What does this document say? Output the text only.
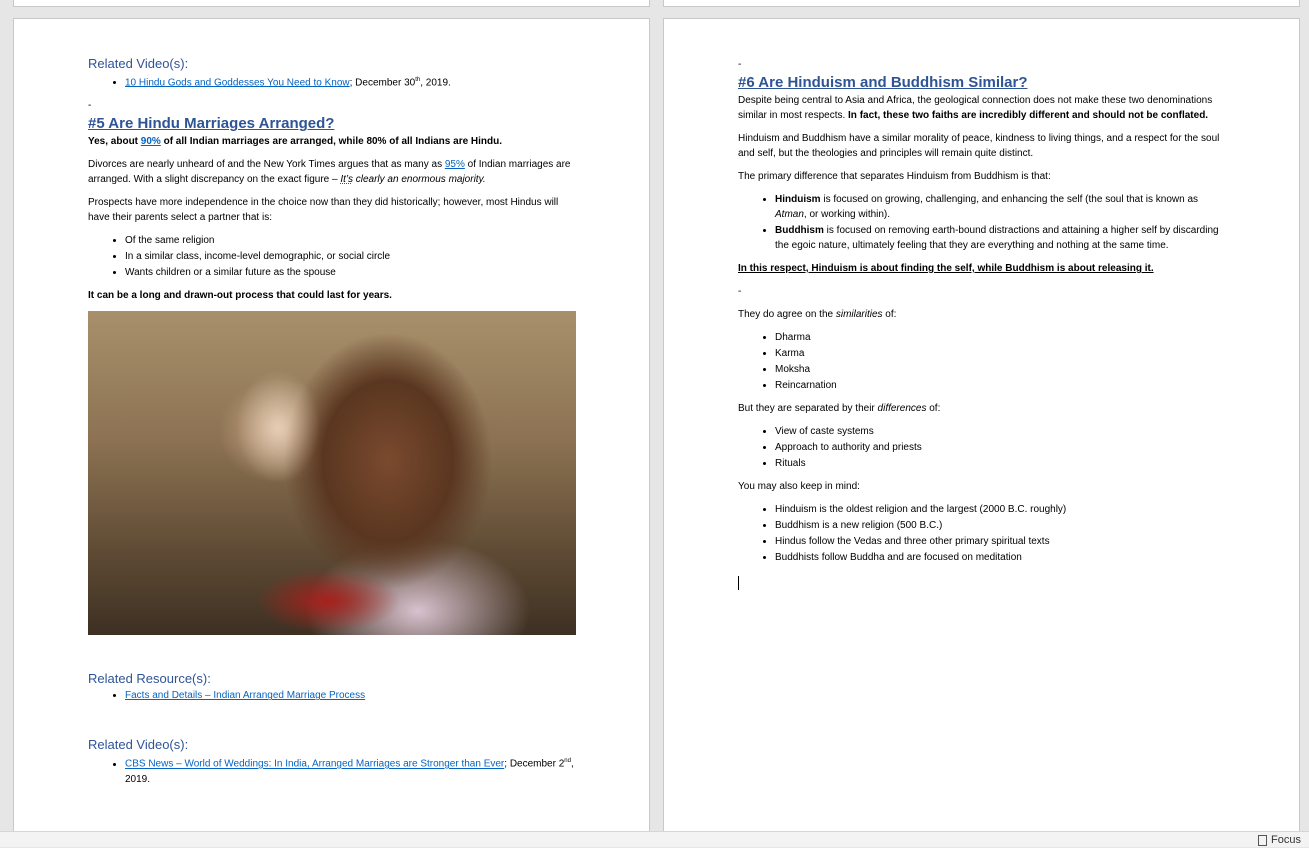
Related Video(s):
• 10 Hindu Gods and Goddesses You Need to Know; December 30th, 2019.

-

#5 Are Hindu Marriages Arranged?

Yes, about 90% of all Indian marriages are arranged, while 80% of all Indians are Hindu.

Divorces are nearly unheard of and the New York Times argues that as many as 95% of Indian marriages are arranged. With a slight discrepancy on the exact figure – It’s clearly an enormous majority.

Prospects have more independence in the choice now than they did historically; however, most Hindus will have their parents select a partner that is:

• Of the same religion
• In a similar class, income-level demographic, or social circle
• Wants children or a similar future as the spouse

It can be a long and drawn-out process that could last for years.

Related Resource(s):
• Facts and Details – Indian Arranged Marriage Process
Related Video(s):
• CBS News – World of Weddings: In India, Arranged Marriages are Stronger than Ever; December 2nd, 2019.

-

#6 Are Hinduism and Buddhism Similar?

Despite being central to Asia and Africa, the geological connection does not make these two denominations similar in most respects. In fact, these two faiths are incredibly different and should not be conflated.

Hinduism and Buddhism have a similar morality of peace, kindness to living things, and a respect for the soul and self, but the theologies and principles will remain quite distinct.

The primary difference that separates Hinduism from Buddhism is that:

• Hinduism is focused on growing, challenging, and enhancing the self (the soul that is known as Atman, or working within).
• Buddhism is focused on removing earth-bound distractions and attaining a higher self by discarding the egoic nature, ultimately feeling that they are everything and nothing at the same time.

In this respect, Hinduism is about finding the self, while Buddhism is about releasing it.

-

They do agree on the similarities of:

• Dharma
• Karma
• Moksha
• Reincarnation

But they are separated by their differences of:

• View of caste systems
• Approach to authority and priests
• Rituals

You may also keep in mind:

• Hinduism is the oldest religion and the largest (2000 B.C. roughly)
• Buddhism is a new religion (500 B.C.)
• Hindus follow the Vedas and three other primary spiritual texts
• Buddhists follow Buddha and are focused on meditation
Focus
